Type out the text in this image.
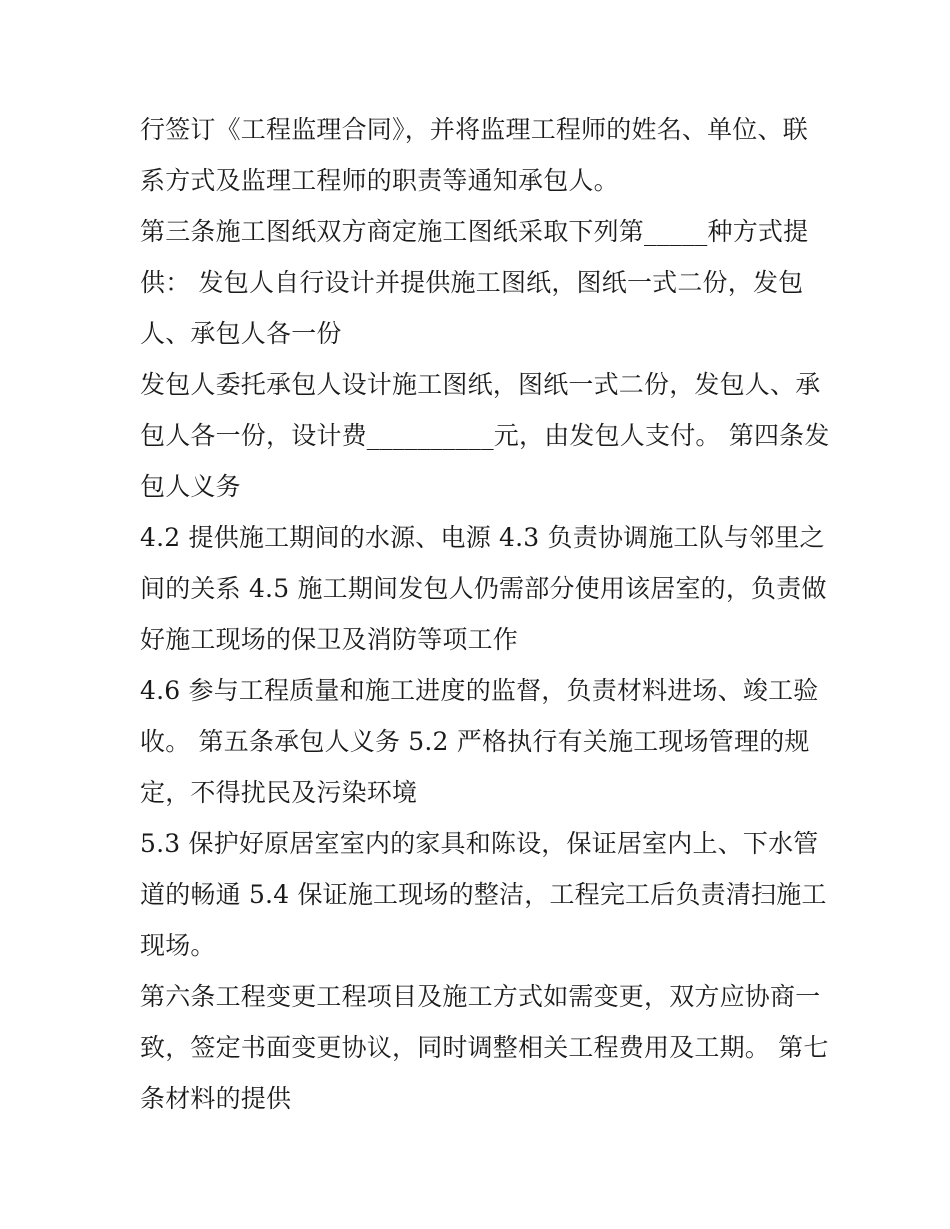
行签订《工程监理合同》，并将监理工程师的姓名、单位、联系方式及监理工程师的职责等通知承包人。

第三条施工图纸双方商定施工图纸采取下列第_____种方式提供： 发包人自行设计并提供施工图纸，图纸一式二份，发包人、承包人各一份

发包人委托承包人设计施工图纸，图纸一式二份，发包人、承包人各一份，设计费__________元，由发包人支付。 第四条发包人义务

4.2 提供施工期间的水源、电源 4.3 负责协调施工队与邻里之间的关系 4.5 施工期间发包人仍需部分使用该居室的，负责做好施工现场的保卫及消防等项工作

4.6 参与工程质量和施工进度的监督，负责材料进场、竣工验收。 第五条承包人义务 5.2 严格执行有关施工现场管理的规定，不得扰民及污染环境

5.3 保护好原居室室内的家具和陈设，保证居室内上、下水管道的畅通 5.4 保证施工现场的整洁，工程完工后负责清扫施工现场。

第六条工程变更工程项目及施工方式如需变更，双方应协商一致，签定书面变更协议，同时调整相关工程费用及工期。 第七条材料的提供
